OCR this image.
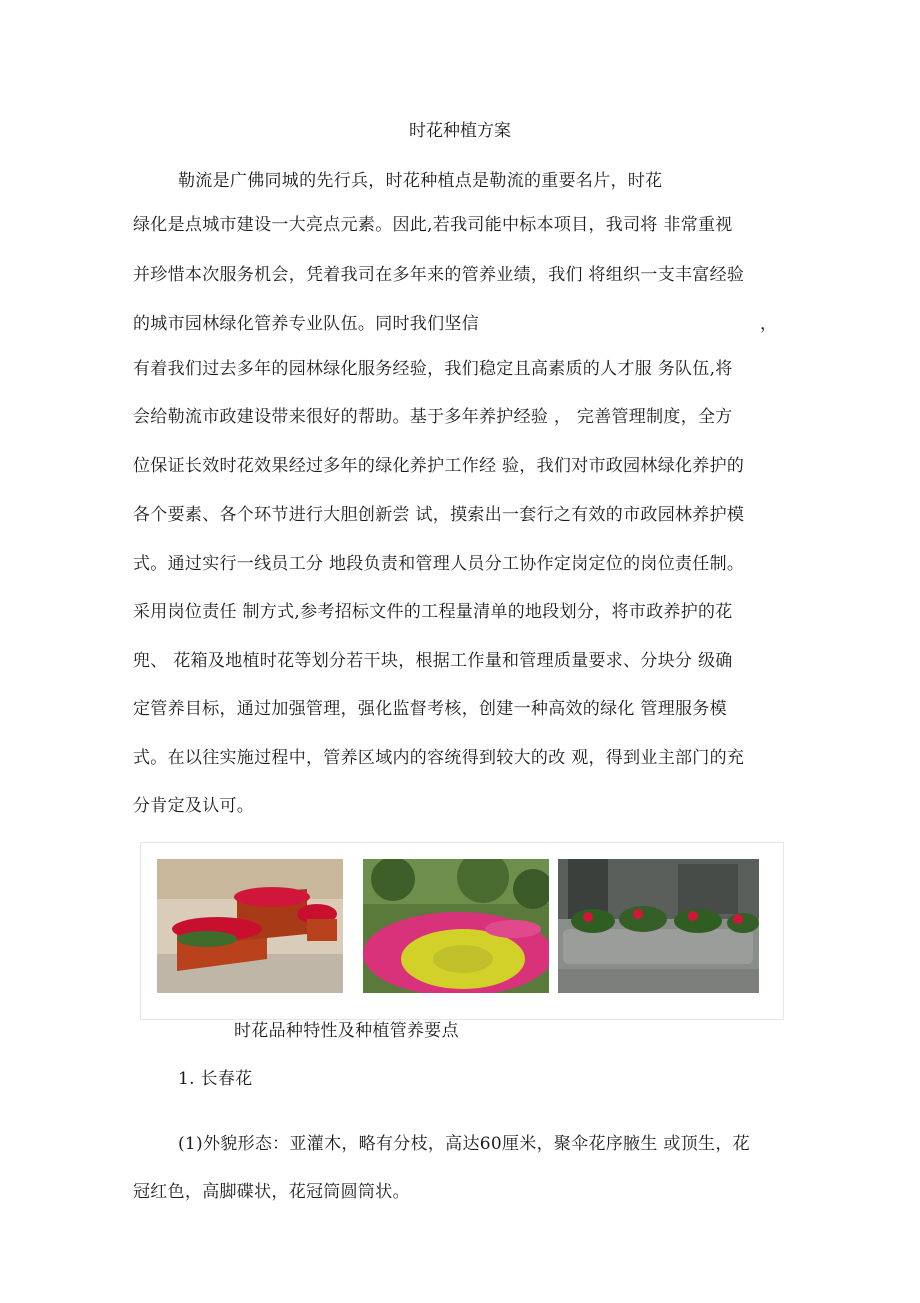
时花种植方案
勒流是广佛同城的先行兵，时花种植点是勒流的重要名片，时花
绿化是点城市建设一大亮点元素。因此,若我司能中标本项目，我司将 非常重视
并珍惜本次服务机会，凭着我司在多年来的管养业绩，我们 将组织一支丰富经验
的城市园林绿化管养专业队伍。同时我们坚信	，
有着我们过去多年的园林绿化服务经验，我们稳定且高素质的人才服 务队伍,将
会给勒流市政建设带来很好的帮助。基于多年养护经验 ， 完善管理制度，全方
位保证长效时花效果经过多年的绿化养护工作经 验，我们对市政园林绿化养护的
各个要素、各个环节进行大胆创新尝 试，摸索出一套行之有效的市政园林养护模
式。通过实行一线员工分 地段负责和管理人员分工协作定岗定位的岗位责任制。
采用岗位责任 制方式,参考招标文件的工程量清单的地段划分，将市政养护的花
兜、 花箱及地植时花等划分若干块，根据工作量和管理质量要求、分块分 级确
定管养目标，通过加强管理，强化监督考核，创建一种高效的绿化 管理服务模
式。在以往实施过程中，管养区域内的容统得到较大的改 观，得到业主部门的充
分肯定及认可。
时花品种特性及种植管养要点
1. 长春花
(1)外貌形态：亚灌木，略有分枝，高达60厘米，聚伞花序腋生 或顶生，花
冠红色，高脚碟状，花冠筒圆筒状。
